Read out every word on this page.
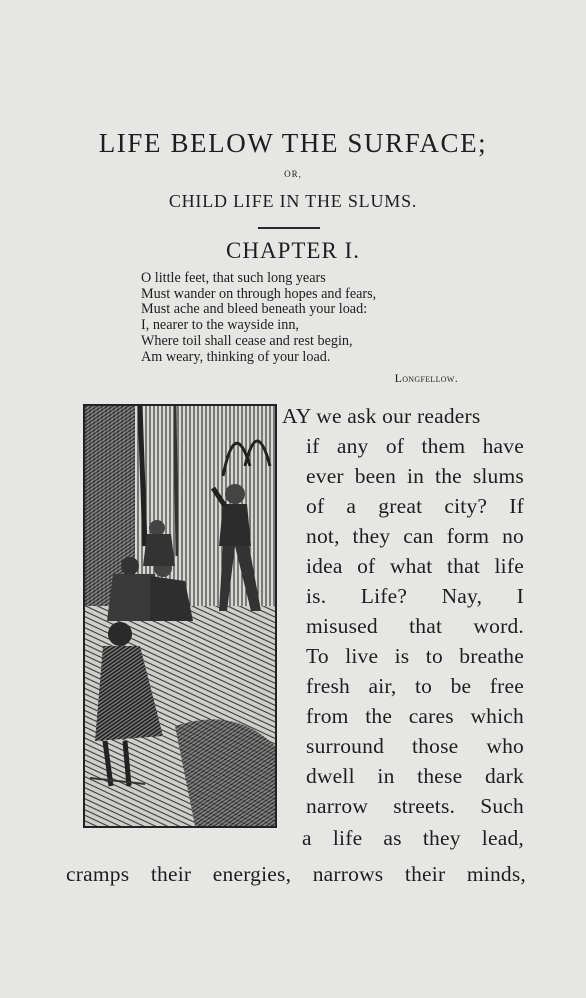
LIFE BELOW THE SURFACE;
OR,
CHILD LIFE IN THE SLUMS.
CHAPTER I.
O little feet, that such long years
Must wander on through hopes and fears,
Must ache and bleed beneath your load:
I, nearer to the wayside inn,
Where toil shall cease and rest begin,
Am weary, thinking of your load.
Longfellow.
AY we ask our readers
if any of them have
ever been in the slums
of a great city? If
not, they can form no
idea of what that life
is. Life? Nay, I
misused that word.
To live is to breathe
fresh air, to be free
from the cares which
surround those who
dwell in these dark
narrow streets. Such
a life as they lead,
cramps their energies, narrows their minds,
